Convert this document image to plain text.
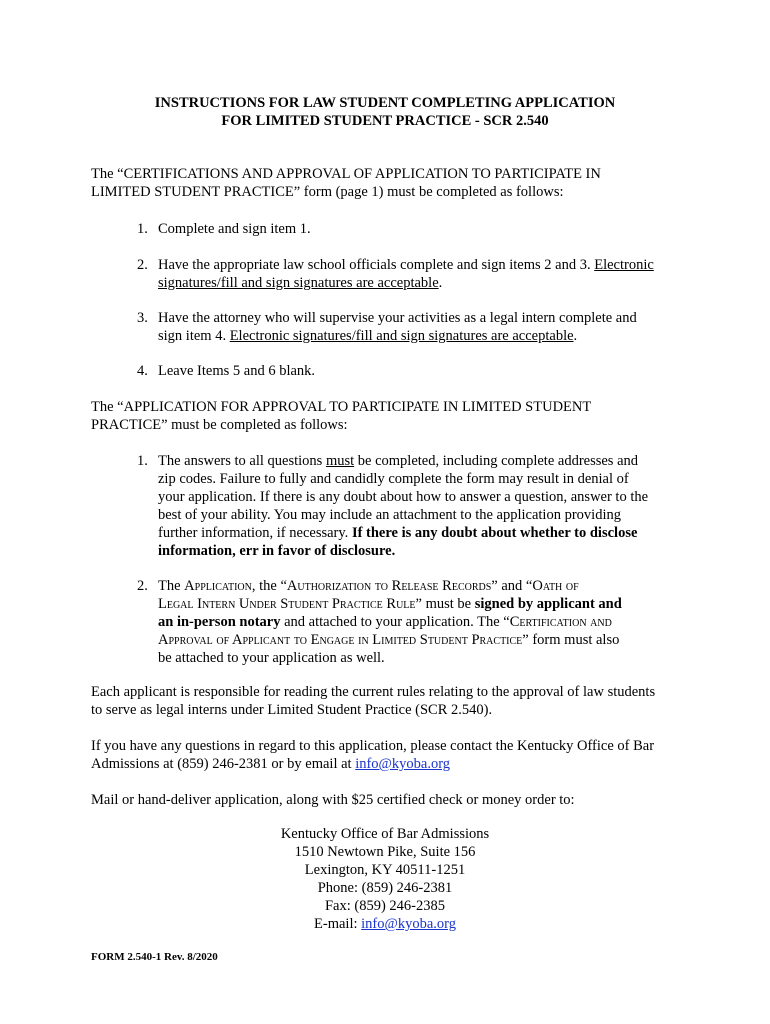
INSTRUCTIONS FOR LAW STUDENT COMPLETING APPLICATION
FOR LIMITED STUDENT PRACTICE - SCR 2.540
The “CERTIFICATIONS AND APPROVAL OF APPLICATION TO PARTICIPATE IN
LIMITED STUDENT PRACTICE” form (page 1) must be completed as follows:
1. Complete and sign item 1.
2. Have the appropriate law school officials complete and sign items 2 and 3. Electronic
signatures/fill and sign signatures are acceptable.
3. Have the attorney who will supervise your activities as a legal intern complete and
sign item 4. Electronic signatures/fill and sign signatures are acceptable.
4. Leave Items 5 and 6 blank.
The “APPLICATION FOR APPROVAL TO PARTICIPATE IN LIMITED STUDENT
PRACTICE” must be completed as follows:
1. The answers to all questions must be completed, including complete addresses and
zip codes. Failure to fully and candidly complete the form may result in denial of
your application. If there is any doubt about how to answer a question, answer to the
best of your ability. You may include an attachment to the application providing
further information, if necessary. If there is any doubt about whether to disclose
information, err in favor of disclosure.
2. The Application, the “Authorization to Release Records” and “Oath of
Legal Intern Under Student Practice Rule” must be signed by applicant and
an in-person notary and attached to your application. The “Certification and
Approval of Applicant to Engage in Limited Student Practice” form must also
be attached to your application as well.
Each applicant is responsible for reading the current rules relating to the approval of law students
to serve as legal interns under Limited Student Practice (SCR 2.540).
If you have any questions in regard to this application, please contact the Kentucky Office of Bar
Admissions at (859) 246-2381 or by email at info@kyoba.org
Mail or hand-deliver application, along with $25 certified check or money order to:
Kentucky Office of Bar Admissions
1510 Newtown Pike, Suite 156
Lexington, KY 40511-1251
Phone: (859) 246-2381
Fax: (859) 246-2385
E-mail: info@kyoba.org
FORM 2.540-1 Rev. 8/2020
